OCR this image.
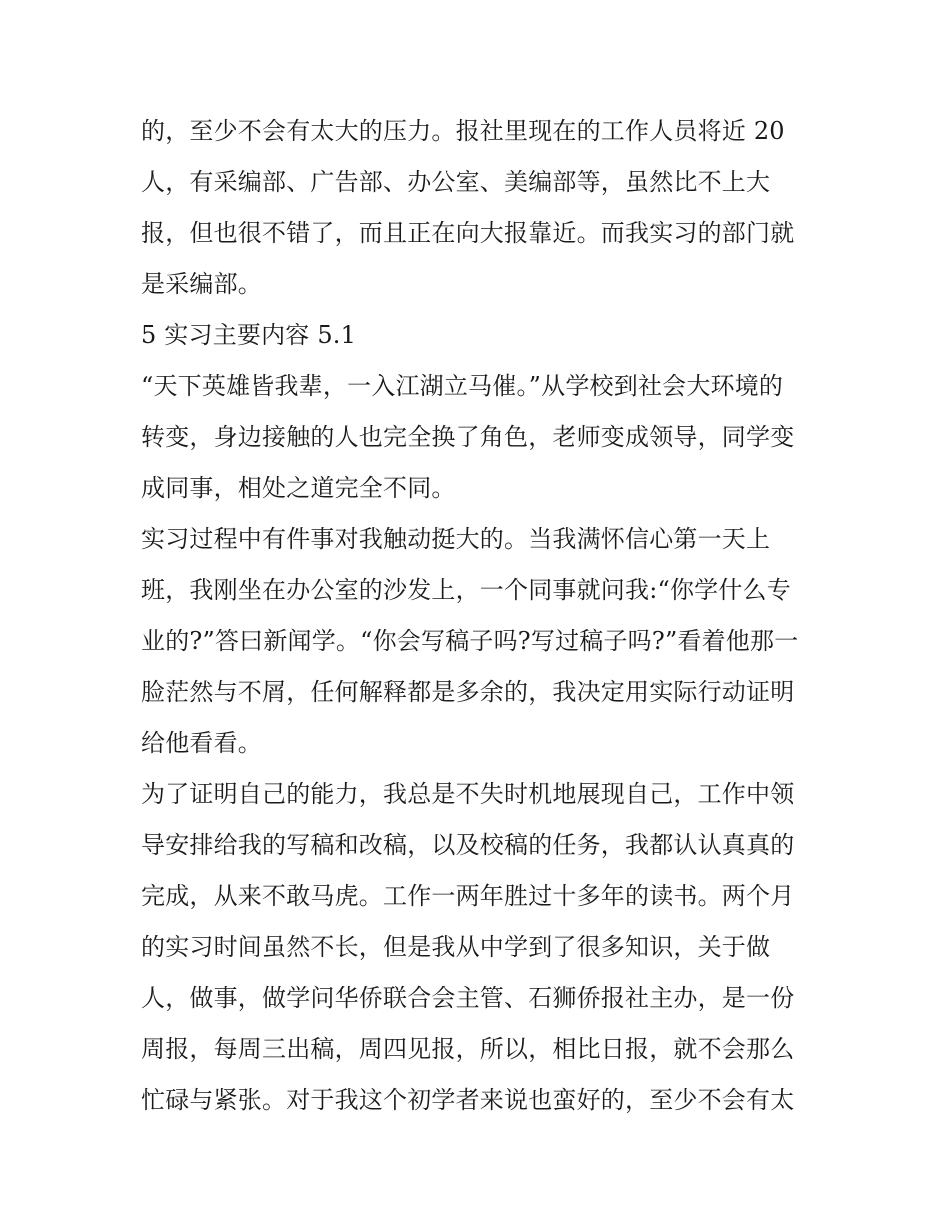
的，至少不会有太大的压力。报社里现在的工作人员将近 20
人，有采编部、广告部、办公室、美编部等，虽然比不上大
报，但也很不错了，而且正在向大报靠近。而我实习的部门就
是采编部。
5 实习主要内容 5.1
“天下英雄皆我辈，一入江湖立马催。”从学校到社会大环境的
转变，身边接触的人也完全换了角色，老师变成领导，同学变
成同事，相处之道完全不同。
实习过程中有件事对我触动挺大的。当我满怀信心第一天上
班，我刚坐在办公室的沙发上，一个同事就问我:“你学什么专
业的?”答曰新闻学。“你会写稿子吗?写过稿子吗?”看着他那一
脸茫然与不屑，任何解释都是多余的，我决定用实际行动证明
给他看看。
为了证明自己的能力，我总是不失时机地展现自己，工作中领
导安排给我的写稿和改稿，以及校稿的任务，我都认认真真的
完成，从来不敢马虎。工作一两年胜过十多年的读书。两个月
的实习时间虽然不长，但是我从中学到了很多知识，关于做
人，做事，做学问华侨联合会主管、石狮侨报社主办，是一份
周报，每周三出稿，周四见报，所以，相比日报，就不会那么
忙碌与紧张。对于我这个初学者来说也蛮好的，至少不会有太
